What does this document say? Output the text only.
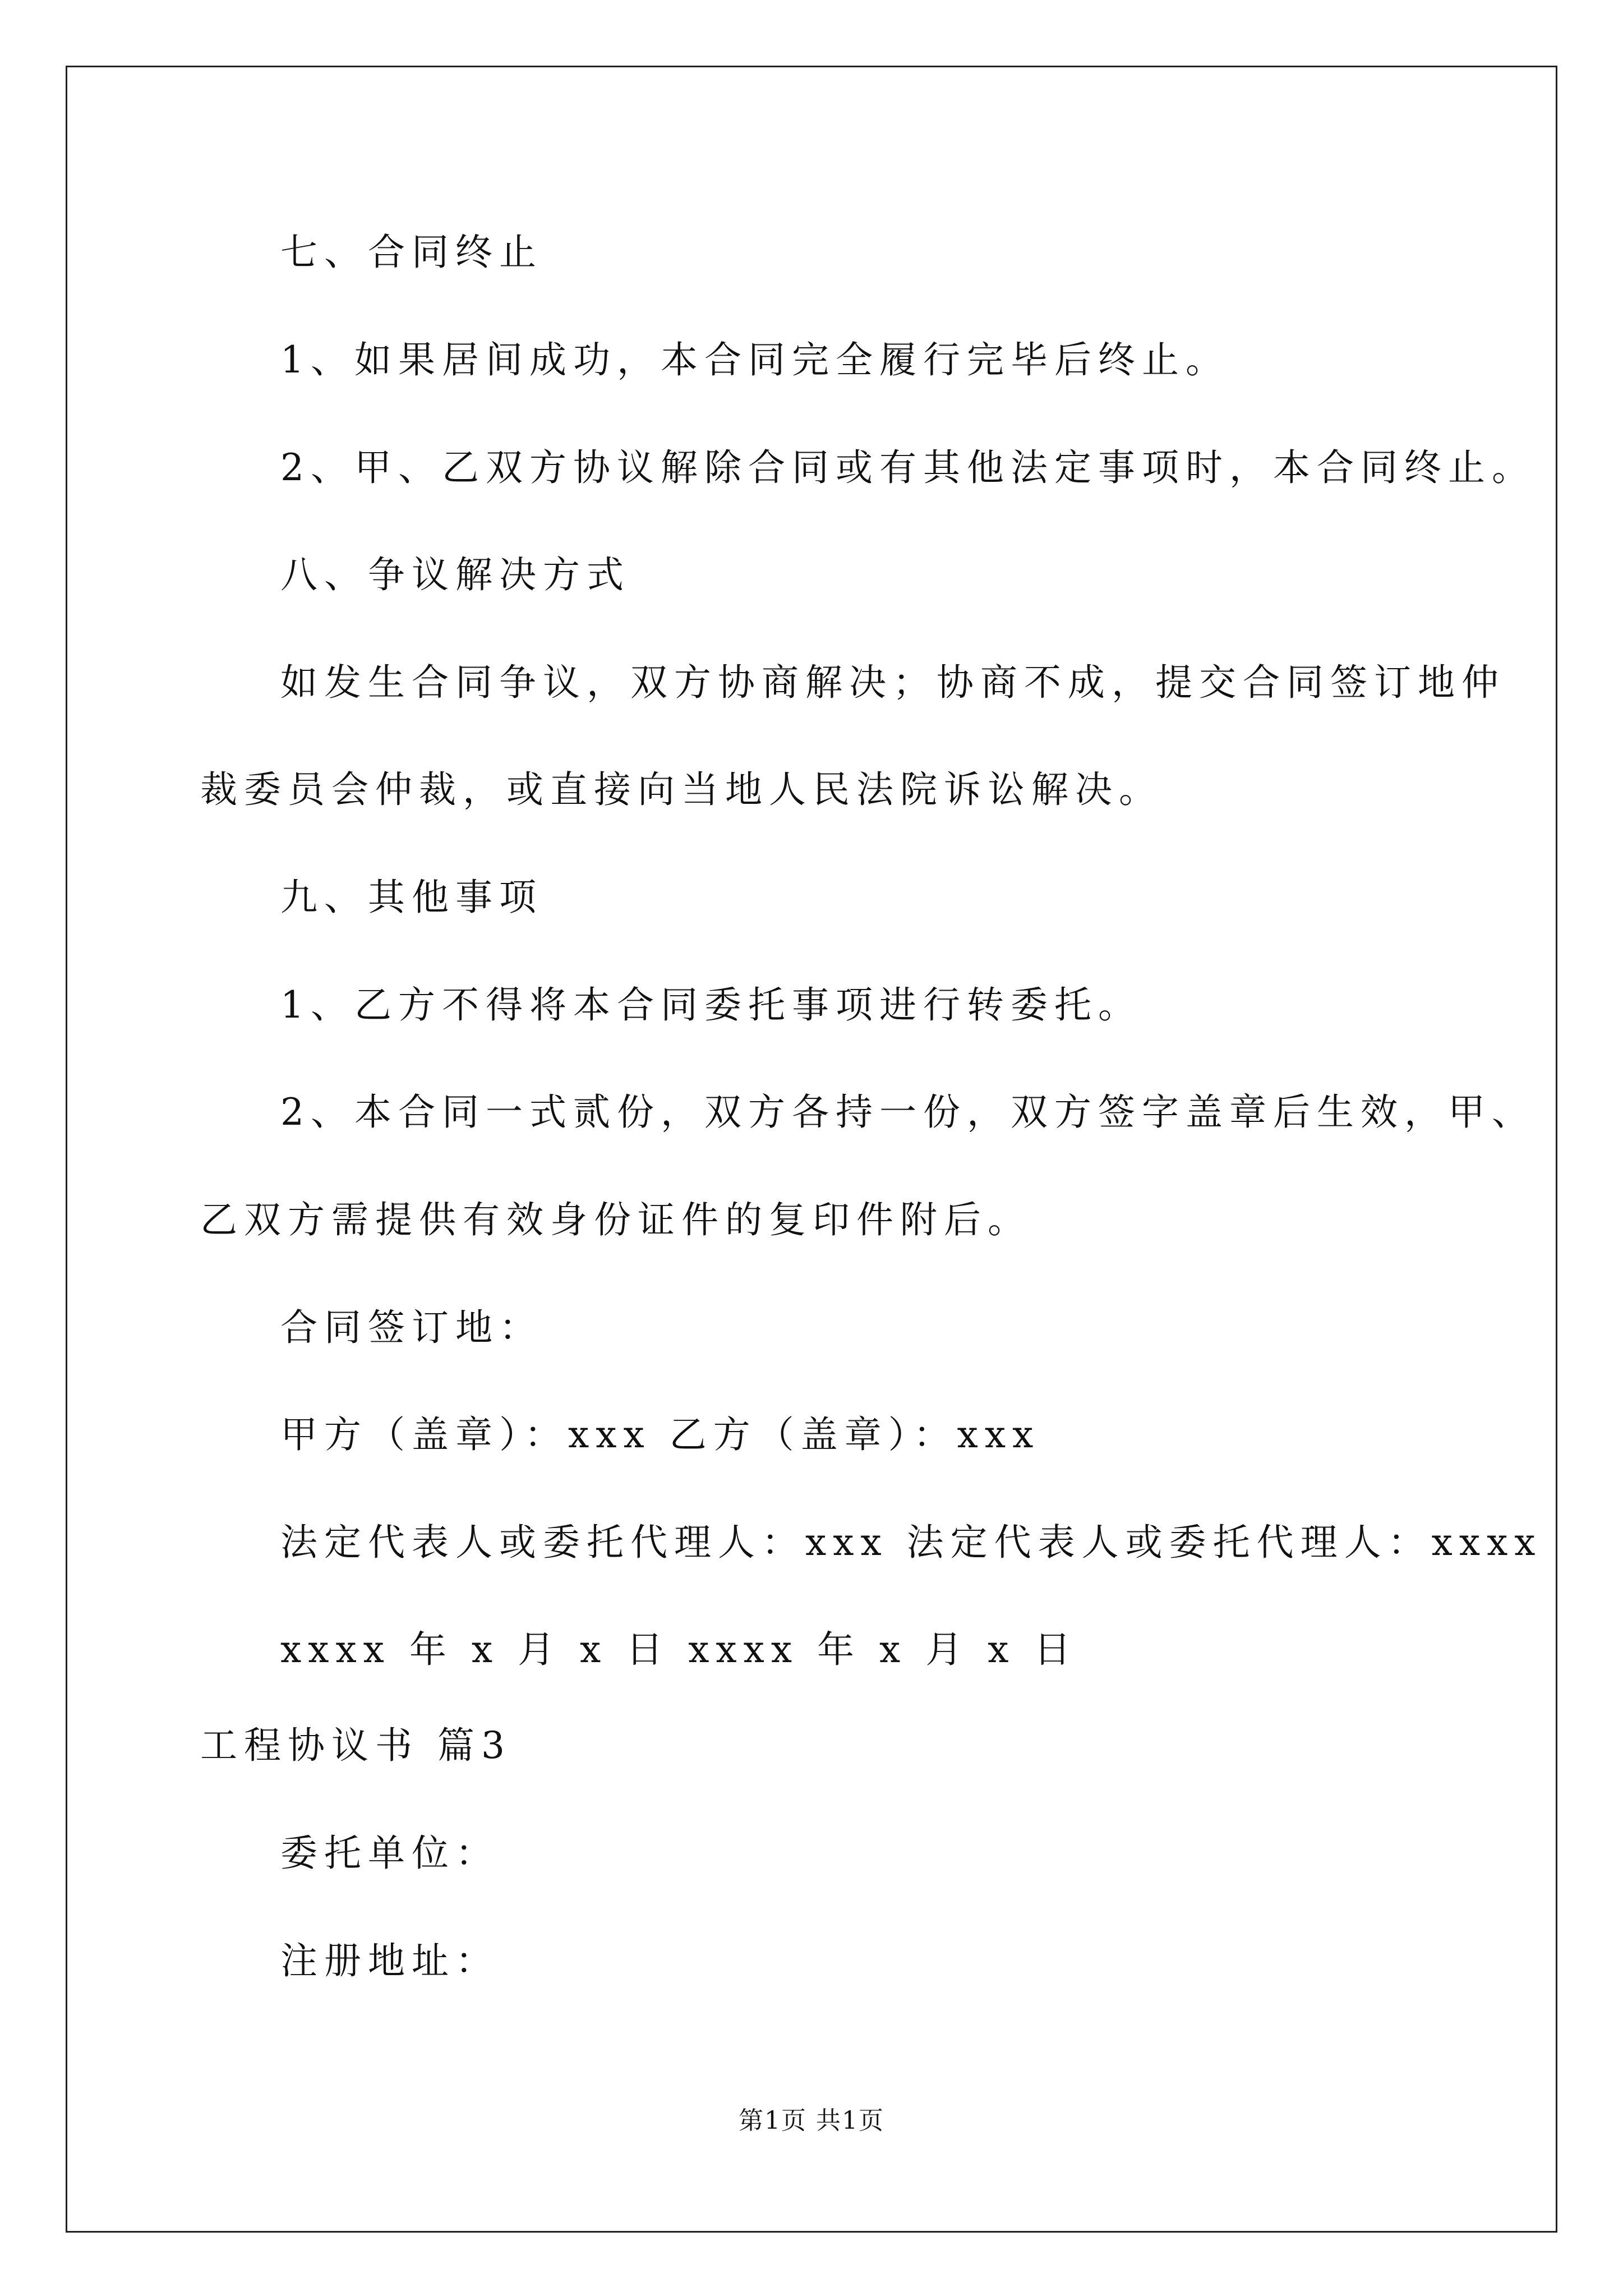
七、合同终止
1、如果居间成功，本合同完全履行完毕后终止。
2、甲、乙双方协议解除合同或有其他法定事项时，本合同终止。
八、争议解决方式
如发生合同争议，双方协商解决；协商不成，提交合同签订地仲
裁委员会仲裁，或直接向当地人民法院诉讼解决。
九、其他事项
1、乙方不得将本合同委托事项进行转委托。
2、本合同一式贰份，双方各持一份，双方签字盖章后生效，甲、
乙双方需提供有效身份证件的复印件附后。
合同签订地：
甲方（盖章）：xxx 乙方（盖章）：xxx
法定代表人或委托代理人：xxx 法定代表人或委托代理人：xxxx
xxxx 年 x 月 x 日 xxxx 年 x 月 x 日
工程协议书 篇3
委托单位：
注册地址：
第1页 共1页
